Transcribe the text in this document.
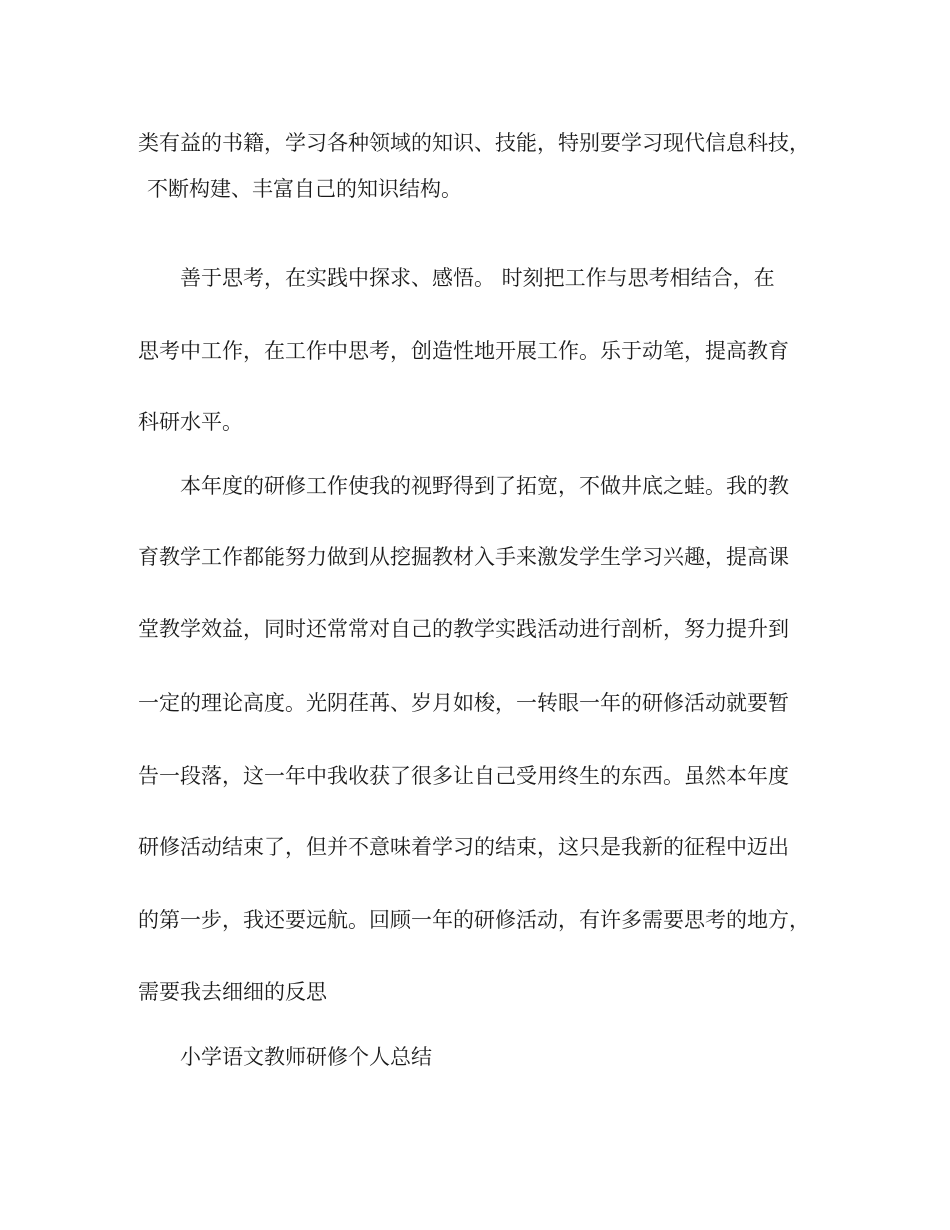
类有益的书籍，学习各种领域的知识、技能，特别要学习现代信息科技，

不断构建、丰富自己的知识结构。

善于思考，在实践中探求、感悟。 时刻把工作与思考相结合，在

思考中工作，在工作中思考，创造性地开展工作。乐于动笔，提高教育

科研水平。

本年度的研修工作使我的视野得到了拓宽，不做井底之蛙。我的教

育教学工作都能努力做到从挖掘教材入手来激发学生学习兴趣，提高课

堂教学效益，同时还常常对自己的教学实践活动进行剖析，努力提升到

一定的理论高度。光阴荏苒、岁月如梭，一转眼一年的研修活动就要暂

告一段落，这一年中我收获了很多让自己受用终生的东西。虽然本年度

研修活动结束了，但并不意味着学习的结束，这只是我新的征程中迈出

的第一步，我还要远航。回顾一年的研修活动，有许多需要思考的地方，

需要我去细细的反思

小学语文教师研修个人总结
